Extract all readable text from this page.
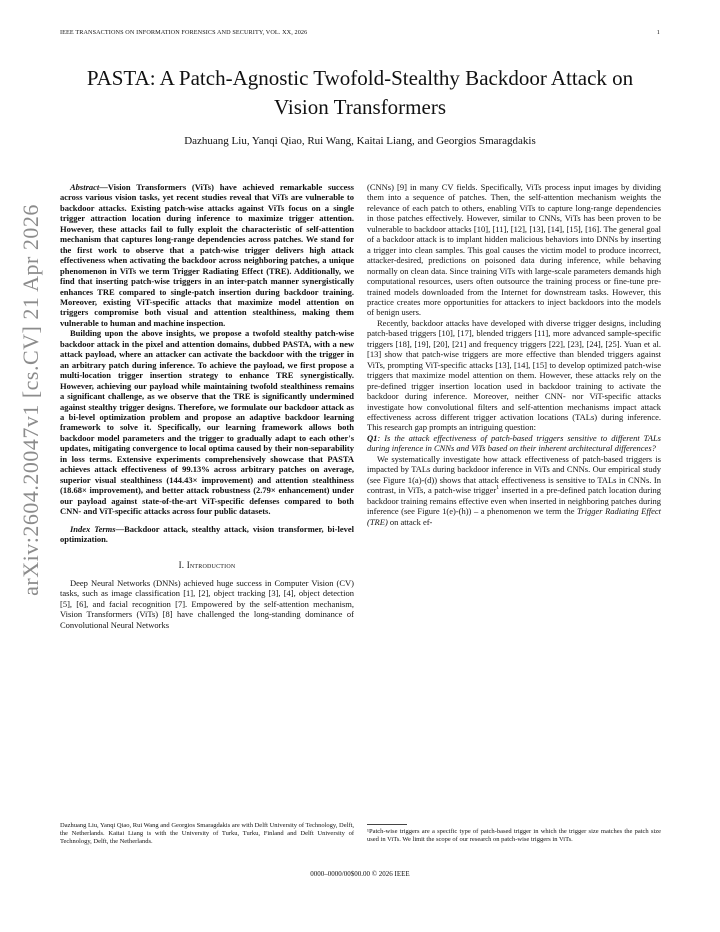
IEEE TRANSACTIONS ON INFORMATION FORENSICS AND SECURITY, VOL. XX, 2026	1
arXiv:2604.20047v1 [cs.CV] 21 Apr 2026
PASTA: A Patch-Agnostic Twofold-Stealthy Backdoor Attack on Vision Transformers
Dazhuang Liu, Yanqi Qiao, Rui Wang, Kaitai Liang, and Georgios Smaragdakis

Abstract—Vision Transformers (ViTs) have achieved remarkable success across various vision tasks, yet recent studies reveal that ViTs are vulnerable to backdoor attacks. Existing patch-wise attacks against ViTs focus on a single trigger attraction location during inference to maximize trigger attention. However, these attacks fail to fully exploit the characteristic of self-attention mechanism that captures long-range dependencies across patches. We stand for the first work to observe that a patch-wise trigger delivers high attack effectiveness when activating the backdoor across neighboring patches, a unique phenomenon in ViTs we term Trigger Radiating Effect (TRE). Additionally, we find that inserting patch-wise triggers in an inter-patch manner synergistically enhances TRE compared to single-patch insertion during backdoor training. Moreover, existing ViT-specific attacks that maximize model attention on triggers compromise both visual and attention stealthiness, making them vulnerable to human and machine inspection.

Building upon the above insights, we propose a twofold stealthy patch-wise backdoor attack in the pixel and attention domains, dubbed PASTA, with a new attack payload, where an attacker can activate the backdoor with the trigger in an arbitrary patch during inference. To achieve the payload, we first propose a multi-location trigger insertion strategy to enhance TRE synergistically. However, achieving our payload while maintaining twofold stealthiness remains a significant challenge, as we observe that the TRE is significantly undermined against stealthy trigger designs. Therefore, we formulate our backdoor attack as a bi-level optimization problem and propose an adaptive backdoor learning framework to solve it. Specifically, our learning framework allows both backdoor model parameters and the trigger to gradually adapt to each other's updates, mitigating convergence to local optima caused by their non-separability in loss terms. Extensive experiments comprehensively showcase that PASTA achieves attack effectiveness of 99.13% across arbitrary patches on average, superior visual stealthiness (144.43× improvement) and attention stealthiness (18.68× improvement), and better attack robustness (2.79× enhancement) under our payload against state-of-the-art ViT-specific defenses compared to both CNN- and ViT-specific attacks across four public datasets.

Index Terms—Backdoor attack, stealthy attack, vision transformer, bi-level optimization.

I. Introduction

Deep Neural Networks (DNNs) achieved huge success in Computer Vision (CV) tasks, such as image classification [1], [2], object tracking [3], [4], object detection [5], [6], and facial recognition [7]. Empowered by the self-attention mechanism, Vision Transformers (ViTs) [8] have challenged the long-standing dominance of Convolutional Neural Networks

(CNNs) [9] in many CV fields. Specifically, ViTs process input images by dividing them into a sequence of patches. Then, the self-attention mechanism weights the relevance of each patch to others, enabling ViTs to capture long-range dependencies in those patches effectively. However, similar to CNNs, ViTs has been proven to be vulnerable to backdoor attacks [10], [11], [12], [13], [14], [15], [16]. The general goal of a backdoor attack is to implant hidden malicious behaviors into DNNs by inserting a trigger into clean samples. This goal causes the victim model to produce incorrect, attacker-desired, predictions on poisoned data during inference, while behaving normally on clean data. Since training ViTs with large-scale parameters demands high computational resources, users often outsource the training process or fine-tune pre-trained models downloaded from the Internet for downstream tasks. However, this practice creates more opportunities for attackers to inject backdoors into the models of benign users.

Recently, backdoor attacks have developed with diverse trigger designs, including patch-based triggers [10], [17], blended triggers [11], more advanced sample-specific triggers [18], [19], [20], [21] and frequency triggers [22], [23], [24], [25]. Yuan et al. [13] show that patch-wise triggers are more effective than blended triggers against ViTs, prompting ViT-specific attacks [13], [14], [15] to develop optimized patch-wise triggers that maximize model attention on them. However, these attacks rely on the pre-defined trigger insertion location used in backdoor training to activate the backdoor during inference. Moreover, neither CNN- nor ViT-specific attacks investigate how convolutional filters and self-attention mechanisms impact attack effectiveness across different trigger activation locations (TALs) during inference. This research gap prompts an intriguing question:

Q1: Is the attack effectiveness of patch-based triggers sensitive to different TALs during inference in CNNs and ViTs based on their inherent architectural differences?

We systematically investigate how attack effectiveness of patch-based triggers is impacted by TALs during backdoor inference in ViTs and CNNs. Our empirical study (see Figure 1(a)-(d)) shows that attack effectiveness is sensitive to TALs in CNNs. In contrast, in ViTs, a patch-wise trigger$^1$ inserted in a pre-defined patch location during backdoor training remains effective even when inserted in neighboring patches during inference (see Figure 1(e)-(h)) – a phenomenon we term the Trigger Radiating Effect (TRE) on attack ef-

Dazhuang Liu, Yanqi Qiao, Rui Wang and Georgios Smaragdakis are with Delft University of Technology, Delft, the Netherlands. Kaitai Liang is with the University of Turku, Turku, Finland and Delft University of Technology, Delft, the Netherlands.
¹Patch-wise triggers are a specific type of patch-based trigger in which the trigger size matches the patch size used in ViTs. We limit the scope of our research on patch-wise triggers in ViTs.
0000–0000/00$00.00 © 2026 IEEE
